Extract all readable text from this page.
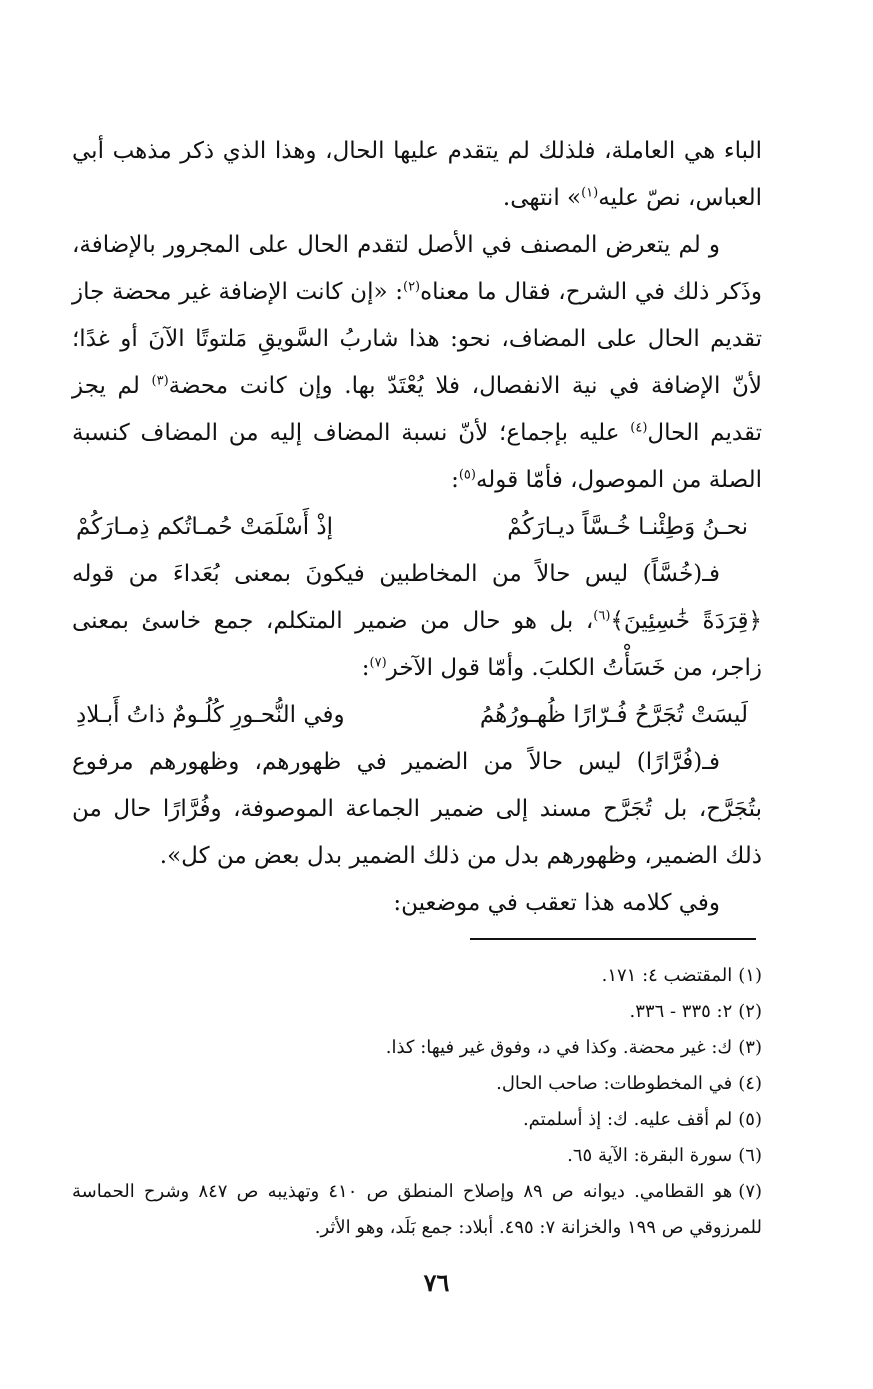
الباء هي العاملة، فلذلك لم يتقدم عليها الحال، وهذا الذي ذكر مذهب أبي العباس، نصّ عليه$^{(١)}$» انتهى.

و لم يتعرض المصنف في الأصل لتقدم الحال على المجرور بالإضافة، وذَكر ذلك في الشرح، فقال ما معناه$^{(٢)}$: «إن كانت الإضافة غير محضة جاز تقديم الحال على المضاف، نحو: هذا شاربُ السَّويقِ مَلتوتًا الآنَ أو غدًا؛ لأنّ الإضافة في نية الانفصال، فلا يُعْتَدّ بها. وإن كانت محضة$^{(٣)}$ لم يجز تقديم الحال$^{(٤)}$ عليه بإجماع؛ لأنّ نسبة المضاف إليه من المضاف كنسبة الصلة من الموصول، فأمّا قوله$^{(٥)}$:

نحـنُ وَطِئْنـا خُـسَّاً ديـارَكُمْ
إذْ أَسْلَمَتْ حُمـاتُكم ذِمـارَكُمْ

فـ(خُسَّاً) ليس حالاً من المخاطبين فيكونَ بمعنى بُعَداءَ من قوله ﴿قِرَدَةً خَٰسِئِينَ﴾$^{(٦)}$، بل هو حال من ضمير المتكلم، جمع خاسئ بمعنى زاجر، من خَسَأْتُ الكلبَ. وأمّا قول الآخر$^{(٧)}$:

لَيسَتْ تُجَرَّحُ فُـرّارًا ظُهـورُهُمُ
وفي النُّحـورِ كُلُـومٌ ذاتُ أَبـلادِ

فـ(فُرَّارًا) ليس حالاً من الضمير في ظهورهم، وظهورهم مرفوع بتُجَرَّح، بل تُجَرَّح مسند إلى ضمير الجماعة الموصوفة، وفُرَّارًا حال من ذلك الضمير، وظهورهم بدل من ذلك الضمير بدل بعض من كل».

وفي كلامه هذا تعقب في موضعين:

(١)المقتضب ٤: ١٧١.

(٢)٢: ٣٣٥ - ٣٣٦.

(٣)ك: غير محضة. وكذا في د، وفوق غير فيها: كذا.

(٤)في المخطوطات: صاحب الحال.

(٥)لم أقف عليه. ك: إذ أسلمتم.

(٦)سورة البقرة: الآية ٦٥.

(٧)هو القطامي. ديوانه ص ٨٩ وإصلاح المنطق ص ٤١٠ وتهذيبه ص ٨٤٧ وشرح الحماسة للمرزوقي ص ١٩٩ والخزانة ٧: ٤٩٥. أبلاد: جمع بَلَد، وهو الأثر.

٧٦
